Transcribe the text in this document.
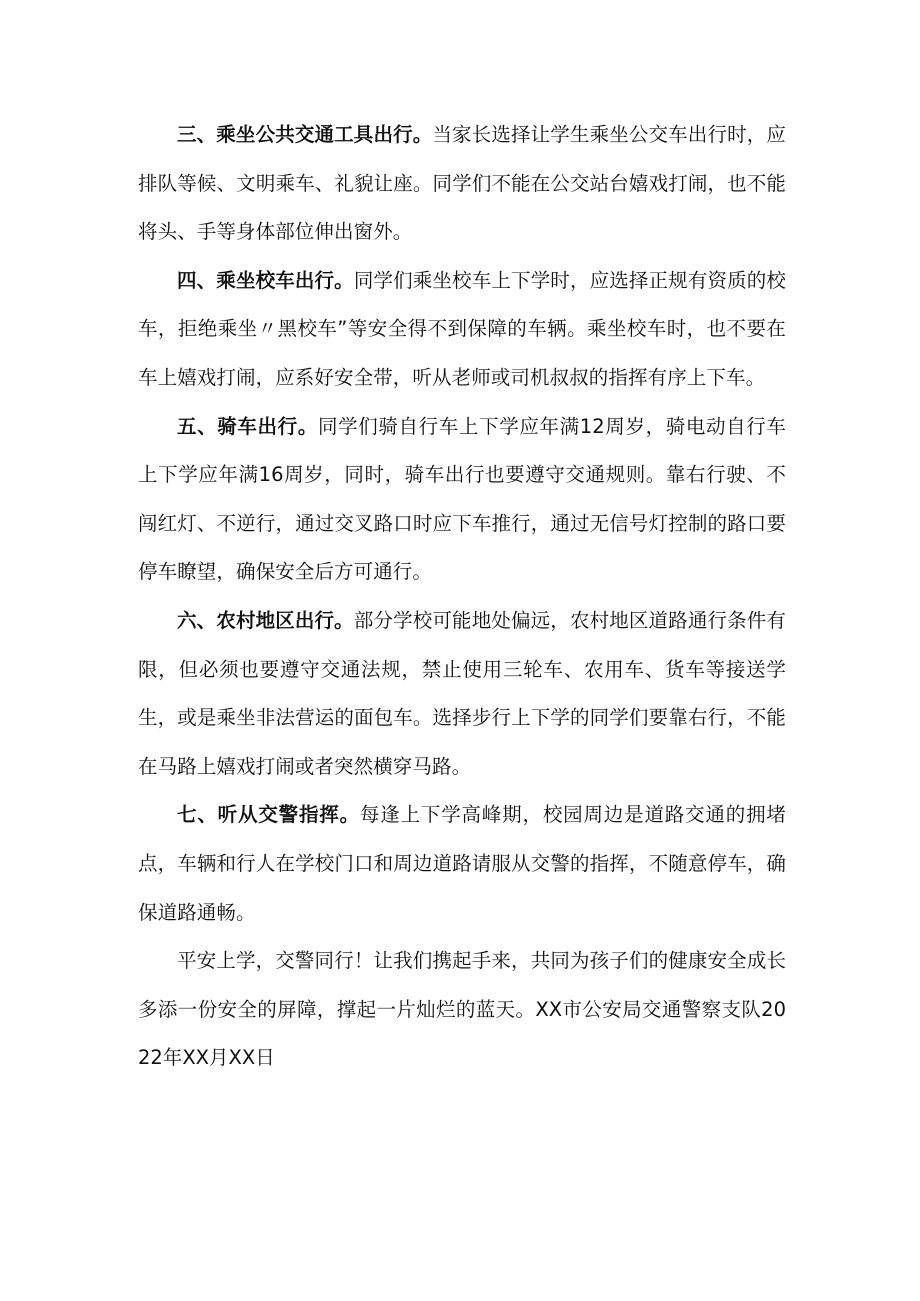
三、乘坐公共交通工具出行。当家长选择让学生乘坐公交车出行时，应排队等候、文明乘车、礼貌让座。同学们不能在公交站台嬉戏打闹，也不能将头、手等身体部位伸出窗外。

四、乘坐校车出行。同学们乘坐校车上下学时，应选择正规有资质的校车，拒绝乘坐〃黑校车”等安全得不到保障的车辆。乘坐校车时，也不要在车上嬉戏打闹，应系好安全带，听从老师或司机叔叔的指挥有序上下车。

五、骑车出行。同学们骑自行车上下学应年满12周岁，骑电动自行车上下学应年满16周岁，同时，骑车出行也要遵守交通规则。靠右行驶、不闯红灯、不逆行，通过交叉路口时应下车推行，通过无信号灯控制的路口要停车瞭望，确保安全后方可通行。

六、农村地区出行。部分学校可能地处偏远，农村地区道路通行条件有限，但必须也要遵守交通法规，禁止使用三轮车、农用车、货车等接送学生，或是乘坐非法营运的面包车。选择步行上下学的同学们要靠右行，不能在马路上嬉戏打闹或者突然横穿马路。

七、听从交警指挥。每逢上下学高峰期，校园周边是道路交通的拥堵点，车辆和行人在学校门口和周边道路请服从交警的指挥，不随意停车，确保道路通畅。

平安上学，交警同行！让我们携起手来，共同为孩子们的健康安全成长多添一份安全的屏障，撑起一片灿烂的蓝天。XX市公安局交通警察支队2022年XX月XX日
